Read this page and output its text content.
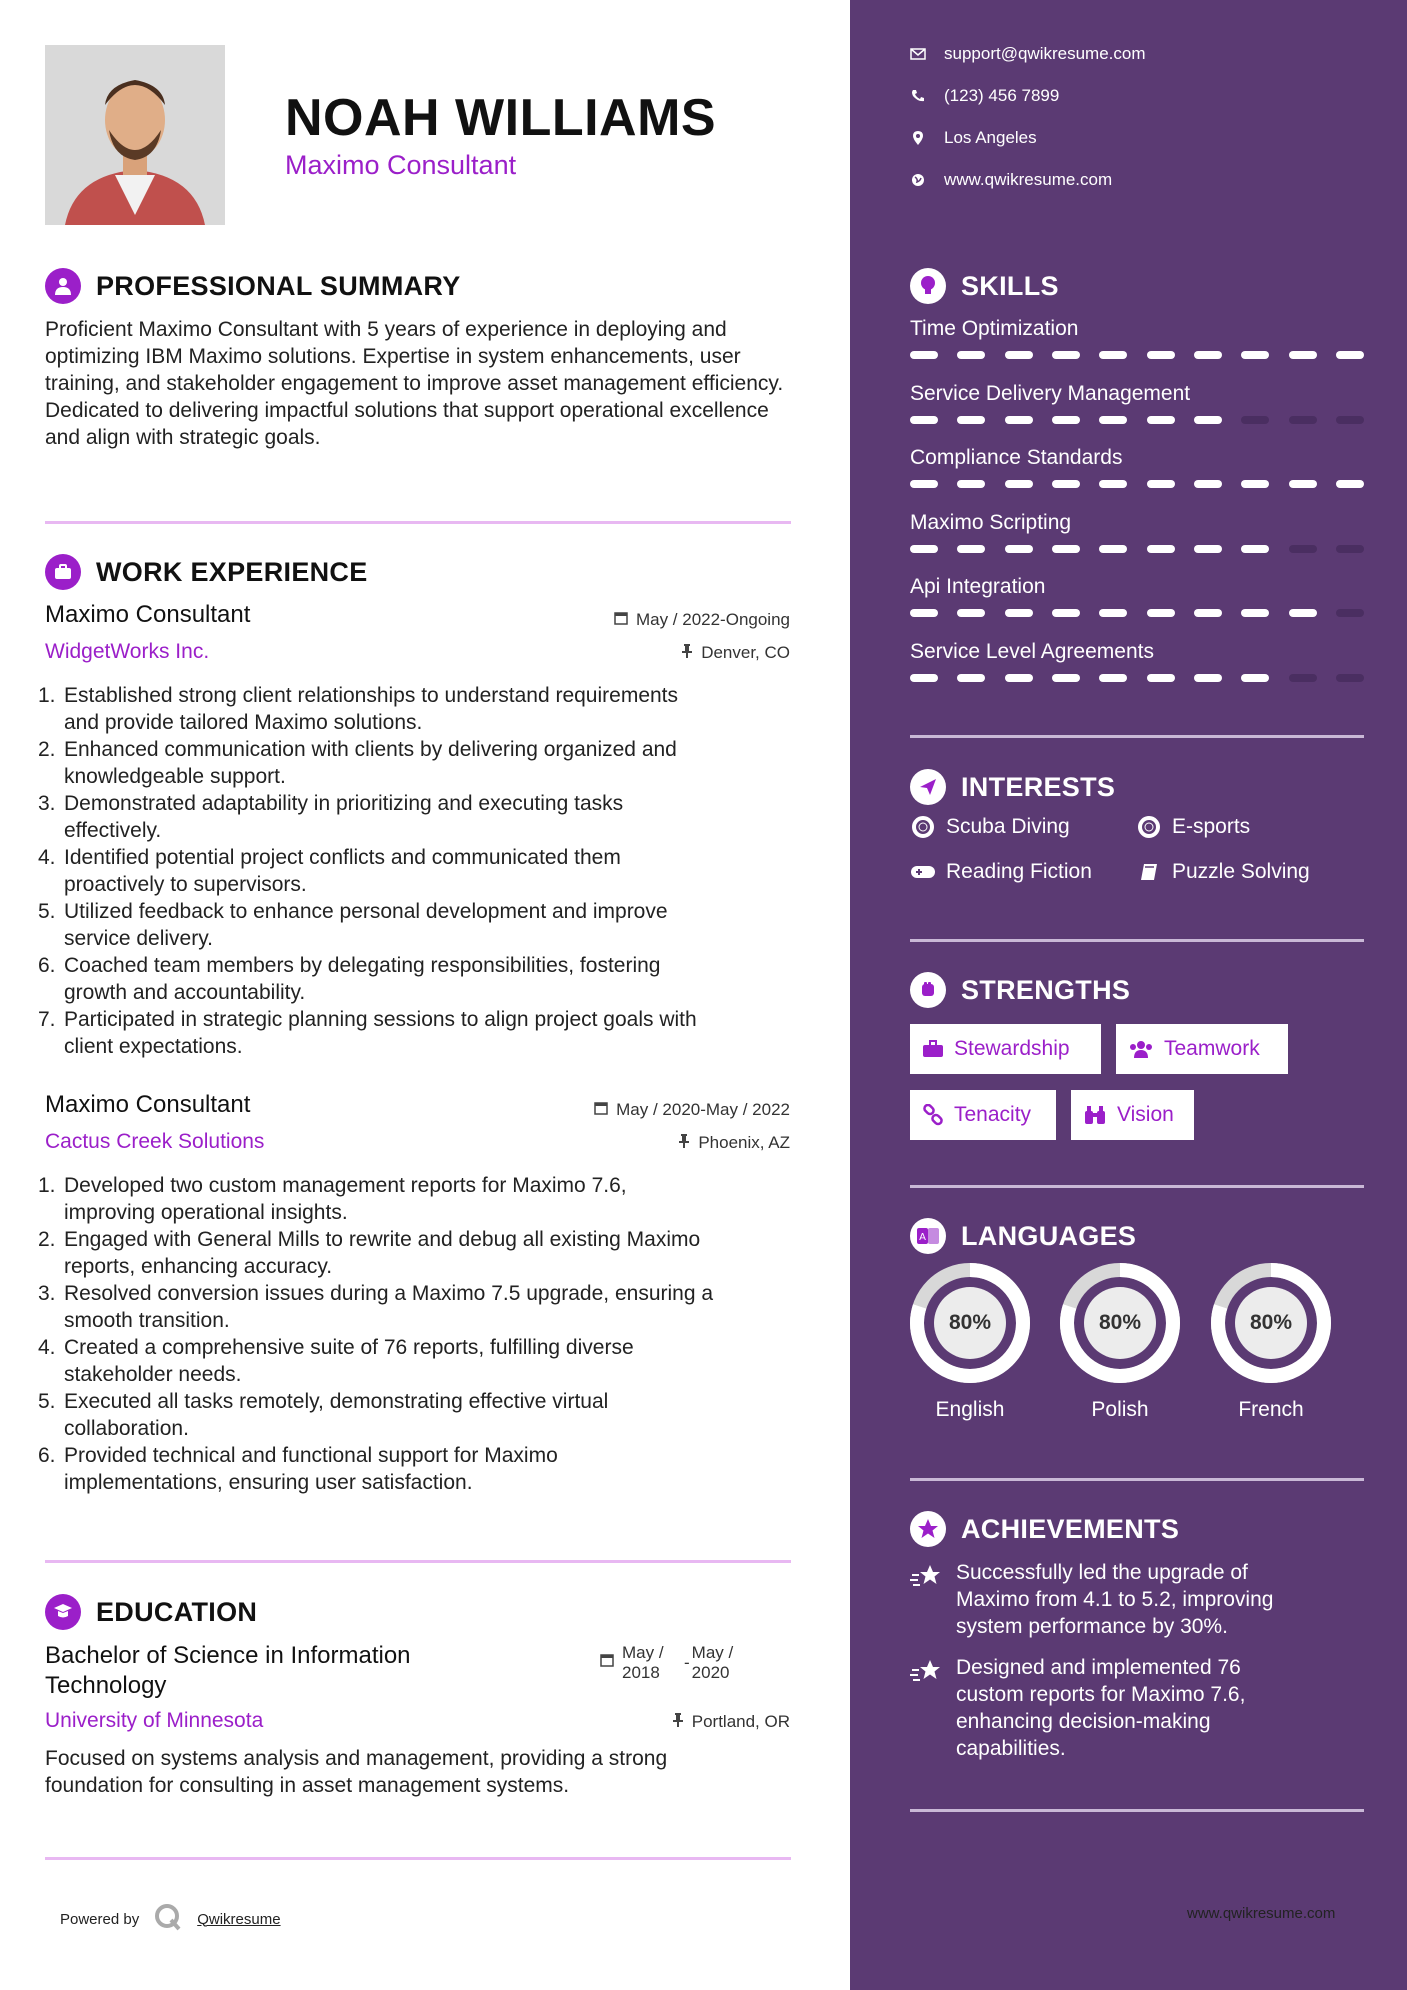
NOAH WILLIAMS
Maximo Consultant
PROFESSIONAL SUMMARY
Proficient Maximo Consultant with 5 years of experience in deploying and optimizing IBM Maximo solutions. Expertise in system enhancements, user training, and stakeholder engagement to improve asset management efficiency. Dedicated to delivering impactful solutions that support operational excellence and align with strategic goals.
WORK EXPERIENCE
Maximo Consultant	May / 2022-Ongoing
WidgetWorks Inc.	Denver, CO
1. Established strong client relationships to understand requirements
and provide tailored Maximo solutions.
2. Enhanced communication with clients by delivering organized and
knowledgeable support.
3. Demonstrated adaptability in prioritizing and executing tasks
effectively.
4. Identified potential project conflicts and communicated them
proactively to supervisors.
5. Utilized feedback to enhance personal development and improve
service delivery.
6. Coached team members by delegating responsibilities, fostering
growth and accountability.
7. Participated in strategic planning sessions to align project goals with
client expectations.
Maximo Consultant	May / 2020-May / 2022
Cactus Creek Solutions	Phoenix, AZ
1. Developed two custom management reports for Maximo 7.6,
improving operational insights.
2. Engaged with General Mills to rewrite and debug all existing Maximo
reports, enhancing accuracy.
3. Resolved conversion issues during a Maximo 7.5 upgrade, ensuring a
smooth transition.
4. Created a comprehensive suite of 76 reports, fulfilling diverse
stakeholder needs.
5. Executed all tasks remotely, demonstrating effective virtual
collaboration.
6. Provided technical and functional support for Maximo
implementations, ensuring user satisfaction.
EDUCATION
Bachelor of Science in Information
Technology
May /
2018
-
May /
2020
University of Minnesota	Portland, OR
Focused on systems analysis and management, providing a strong
foundation for consulting in asset management systems.
Powered by	Qwikresume
support@qwikresume.com
(123) 456 7899
Los Angeles
www.qwikresume.com
SKILLS
Time Optimization
Service Delivery Management
Compliance Standards
Maximo Scripting
Api Integration
Service Level Agreements
INTERESTS
Scuba Diving	E-sports
Reading Fiction	Puzzle Solving
STRENGTHS
Stewardship	Teamwork
Tenacity	Vision
A LANGUAGES
80%
English
80%
Polish
80%
French
ACHIEVEMENTS
Successfully led the upgrade of
Maximo from 4.1 to 5.2, improving
system performance by 30%.
Designed and implemented 76
custom reports for Maximo 7.6,
enhancing decision-making
capabilities.
www.qwikresume.com
